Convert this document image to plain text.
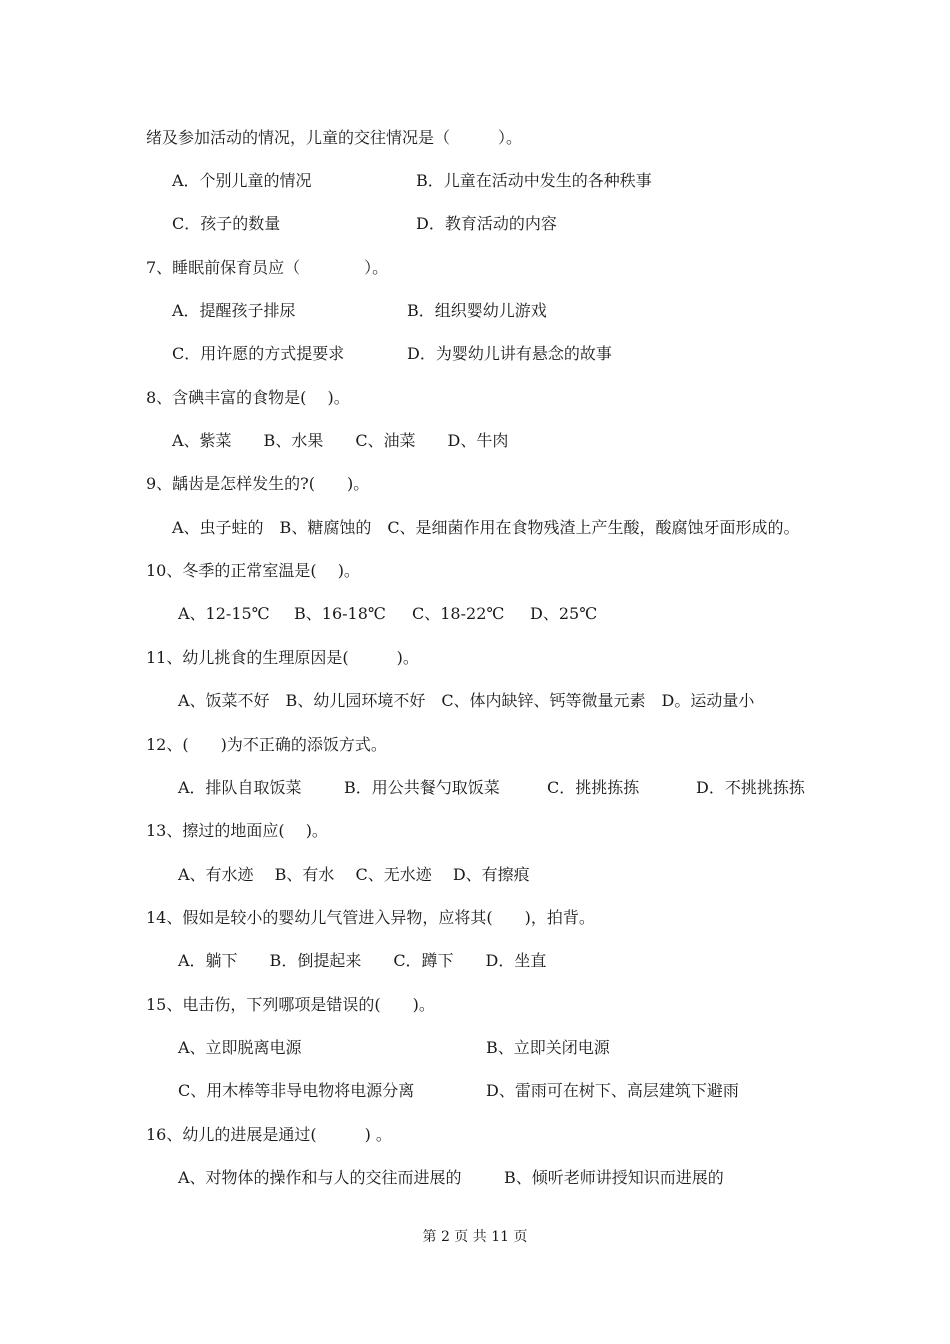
绪及参加活动的情况，儿童的交往情况是（　　　）。
A．个别儿童的情况	B．儿童在活动中发生的各种秩事
C．孩子的数量	D．教育活动的内容
7、睡眠前保育员应（　　　　）。
A．提醒孩子排尿	B．组织婴幼儿游戏
C．用许愿的方式提要求	D．为婴幼儿讲有悬念的故事
8、含碘丰富的食物是(　 )。
A、紫菜　　B、水果　　C、油菜　　D、牛肉
9、龋齿是怎样发生的?(　　)。
A、虫子蛀的　B、糖腐蚀的　C、是细菌作用在食物残渣上产生酸，酸腐蚀牙面形成的。
10、冬季的正常室温是(　 )。
A、12-15℃ B、16-18℃ C、18-22℃ D、25℃
11、幼儿挑食的生理原因是(　　　)。
A、饭菜不好　B、幼儿园环境不好　C、体内缺锌、钙等微量元素　D。运动量小
12、(　　)为不正确的添饭方式。
A．排队自取饭菜	B．用公共餐勺取饭菜	C．挑挑拣拣	D．不挑挑拣拣
13、擦过的地面应(　 )。
A、有水迹　 B、有水　 C、无水迹　 D、有擦痕
14、假如是较小的婴幼儿气管进入异物，应将其(　　)，拍背。
A．躺下　　B．倒提起来　　C．蹲下　　D．坐直
15、电击伤，下列哪项是错误的(　　)。
A、立即脱离电源	B、立即关闭电源
C、用木棒等非导电物将电源分离	D、雷雨可在树下、高层建筑下避雨
16、幼儿的进展是通过(　　　) 。
A、对物体的操作和与人的交往而进展的	B、倾听老师讲授知识而进展的
第 2 页 共 11 页
